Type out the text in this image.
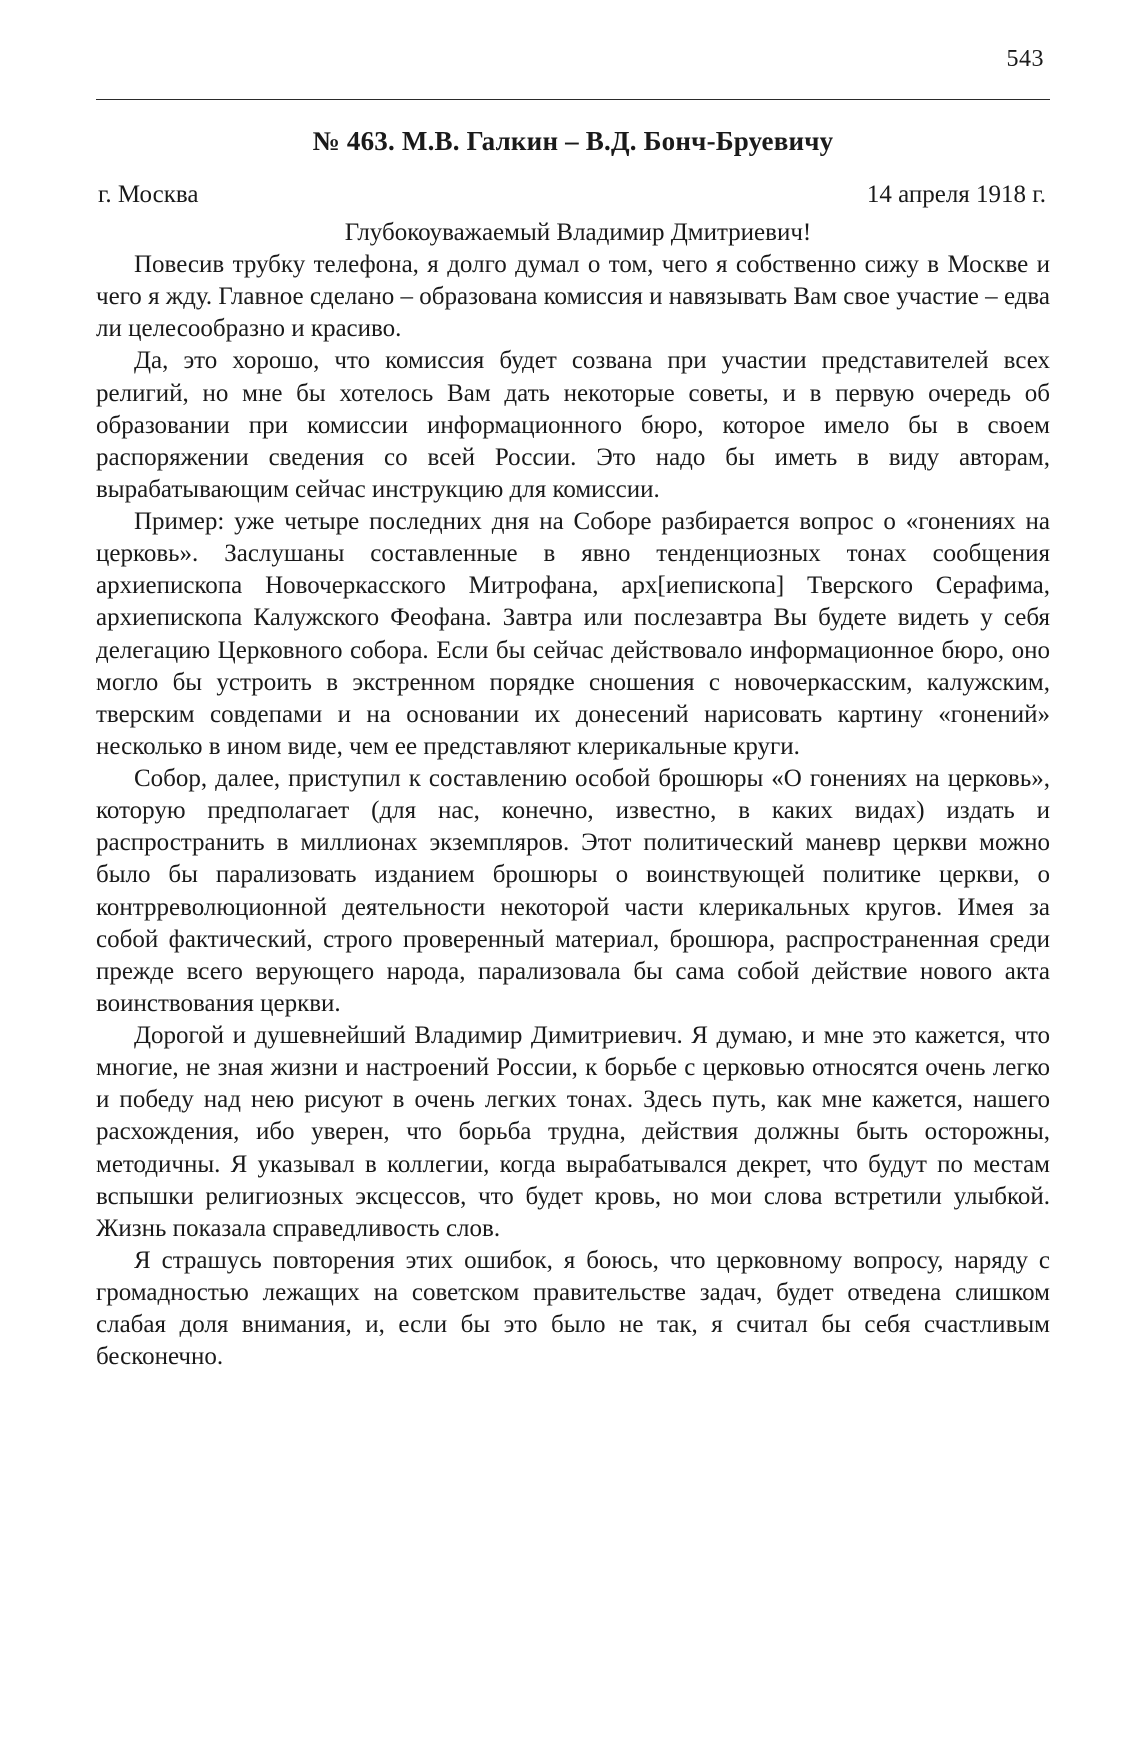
543
№ 463. М.В. Галкин – В.Д. Бонч-Бруевичу
г. Москва	14 апреля 1918 г.
Глубокоуважаемый Владимир Дмитриевич!

Повесив трубку телефона, я долго думал о том, чего я собственно сижу в Москве и чего я жду. Главное сделано – образована комиссия и навязывать Вам свое участие – едва ли целесообразно и красиво.

Да, это хорошо, что комиссия будет созвана при участии представителей всех религий, но мне бы хотелось Вам дать некоторые советы, и в первую очередь об образовании при комиссии информационного бюро, которое имело бы в своем распоряжении сведения со всей России. Это надо бы иметь в виду авторам, вырабатывающим сейчас инструкцию для комиссии.

Пример: уже четыре последних дня на Соборе разбирается вопрос о «гонениях на церковь». Заслушаны составленные в явно тенденциозных тонах сообщения архиепископа Новочеркасского Митрофана, арх[иепископа] Тверского Серафима, архиепископа Калужского Феофана. Завтра или послезавтра Вы будете видеть у себя делегацию Церковного собора. Если бы сейчас действовало информационное бюро, оно могло бы устроить в экстренном порядке сношения с новочеркасским, калужским, тверским совдепами и на основании их донесений нарисовать картину «гонений» несколько в ином виде, чем ее представляют клерикальные круги.

Собор, далее, приступил к составлению особой брошюры «О гонениях на церковь», которую предполагает (для нас, конечно, известно, в каких видах) издать и распространить в миллионах экземпляров. Этот политический маневр церкви можно было бы парализовать изданием брошюры о воинствующей политике церкви, о контрреволюционной деятельности некоторой части клерикальных кругов. Имея за собой фактический, строго проверенный материал, брошюра, распространенная среди прежде всего верующего народа, парализовала бы сама собой действие нового акта воинствования церкви.

Дорогой и душевнейший Владимир Димитриевич. Я думаю, и мне это кажется, что многие, не зная жизни и настроений России, к борьбе с церковью относятся очень легко и победу над нею рисуют в очень легких тонах. Здесь путь, как мне кажется, нашего расхождения, ибо уверен, что борьба трудна, действия должны быть осторожны, методичны. Я указывал в коллегии, когда вырабатывался декрет, что будут по местам вспышки религиозных эксцессов, что будет кровь, но мои слова встретили улыбкой. Жизнь показала справедливость слов.

Я страшусь повторения этих ошибок, я боюсь, что церковному вопросу, наряду с громадностью лежащих на советском правительстве задач, будет отведена слишком слабая доля внимания, и, если бы это было не так, я считал бы себя счастливым бесконечно.
